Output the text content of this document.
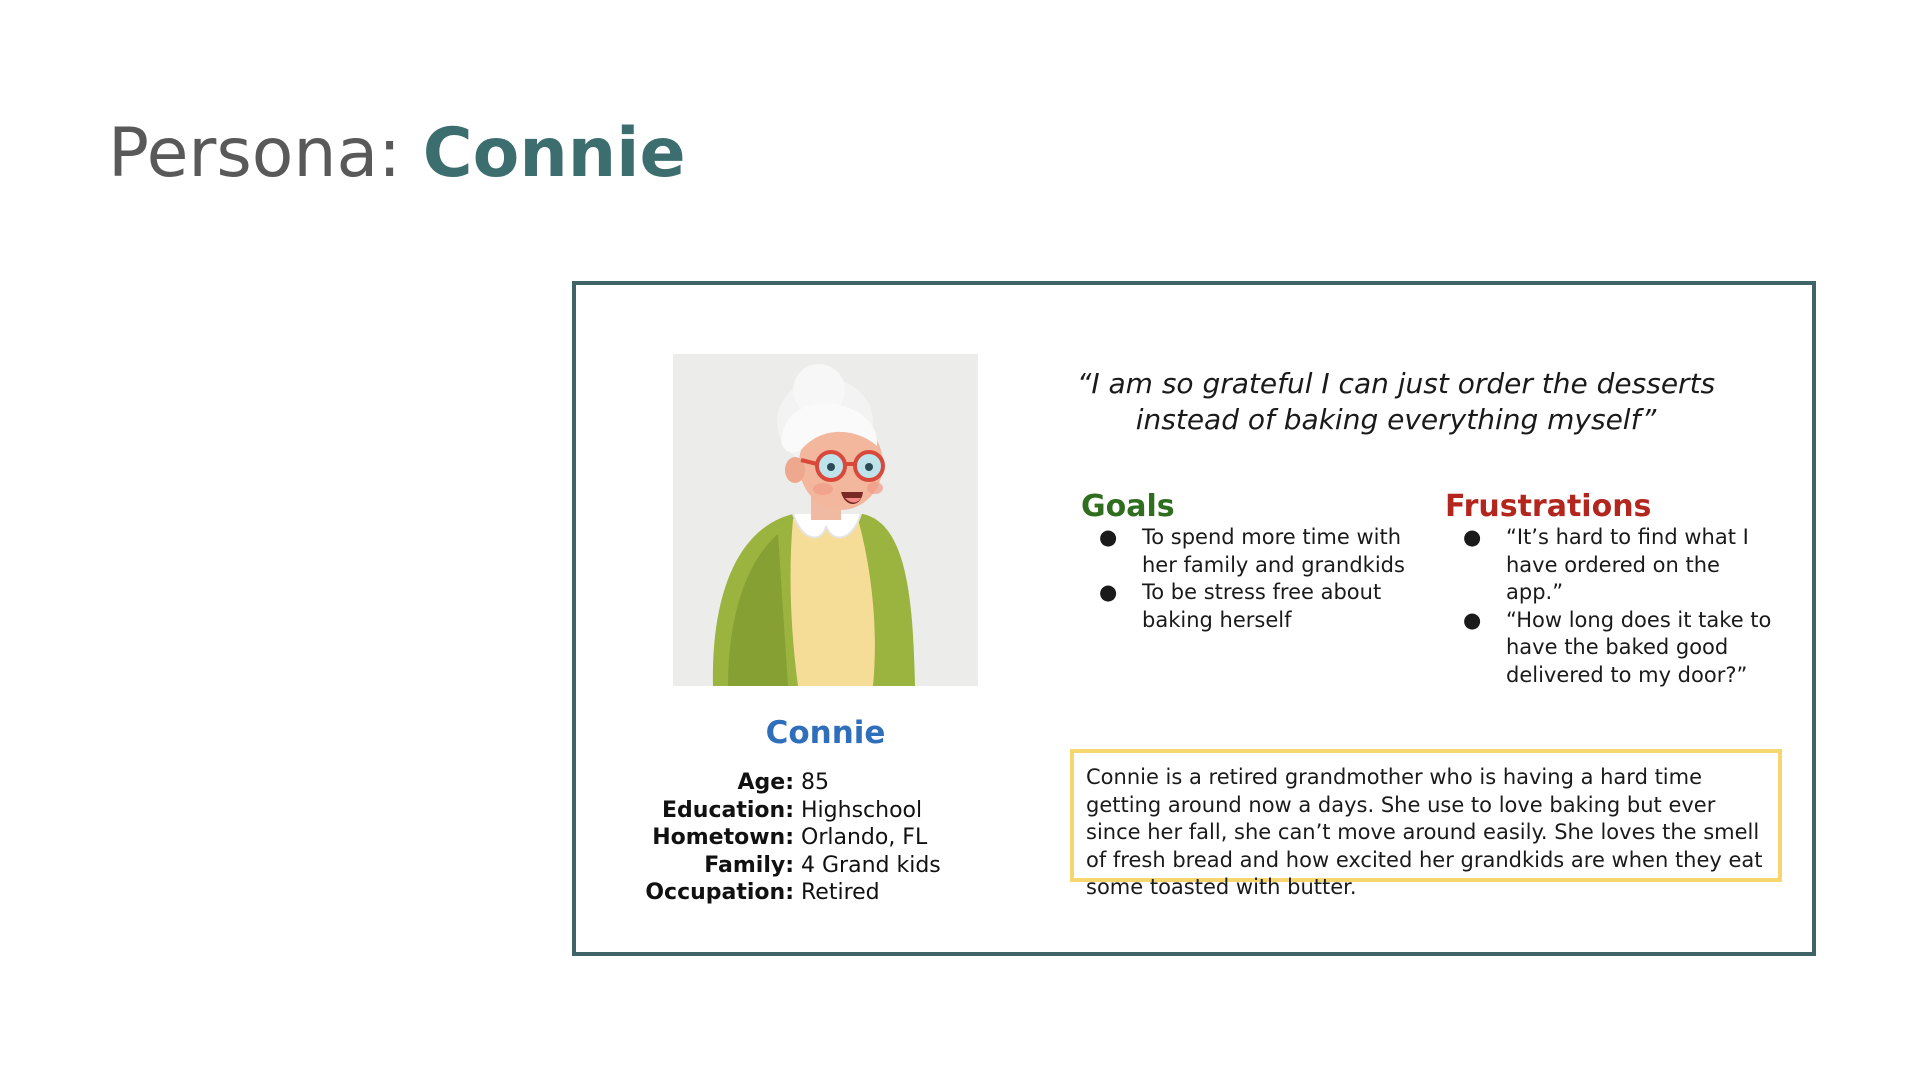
Persona: Connie
Connie
Age: 85
Education: Highschool
Hometown: Orlando, FL
Family: 4 Grand kids
Occupation: Retired
“I am so grateful I can just order the desserts instead of baking everything myself”
Goals
● To spend more time with her family and grandkids
● To be stress free about baking herself
Frustrations
● “It’s hard to find what I have ordered on the app.”
● “How long does it take to have the baked good delivered to my door?”
Connie is a retired grandmother who is having a hard time getting around now a days. She use to love baking but ever since her fall, she can’t move around easily. She loves the smell of fresh bread and how excited her grandkids are when they eat some toasted with butter.
